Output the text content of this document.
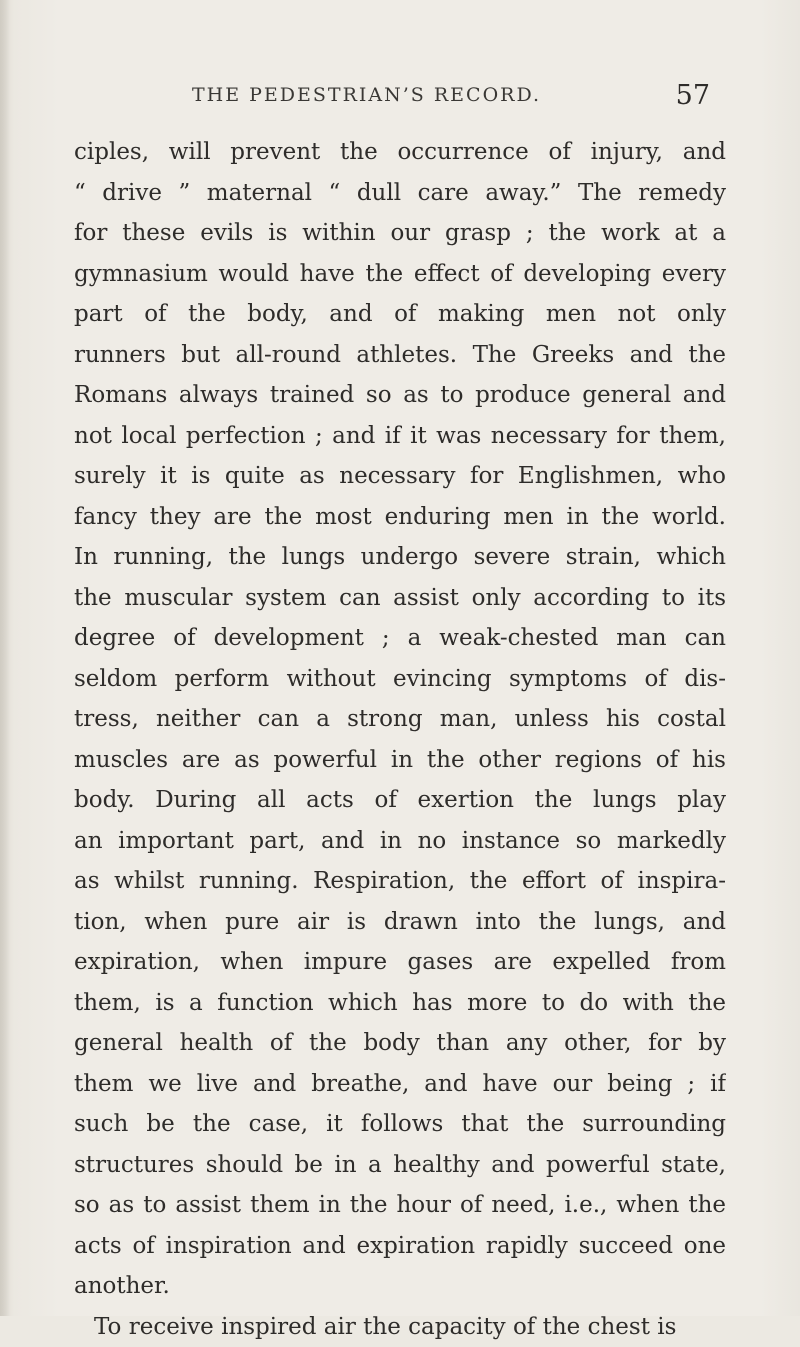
THE PEDESTRIAN’S RECORD.	57
ciples, will prevent the occurrence of injury, and
“ drive ” maternal “ dull care away.” The remedy
for these evils is within our grasp ; the work at a
gymnasium would have the effect of developing every
part of the body, and of making men not only
runners but all-round athletes. The Greeks and the
Romans always trained so as to produce general and
not local perfection ; and if it was necessary for them,
surely it is quite as necessary for Englishmen, who
fancy they are the most enduring men in the world.
In running, the lungs undergo severe strain, which
the muscular system can assist only according to its
degree of development ; a weak-chested man can
seldom perform without evincing symptoms of dis-
tress, neither can a strong man, unless his costal
muscles are as powerful in the other regions of his
body. During all acts of exertion the lungs play
an important part, and in no instance so markedly
as whilst running. Respiration, the effort of inspira-
tion, when pure air is drawn into the lungs, and
expiration, when impure gases are expelled from
them, is a function which has more to do with the
general health of the body than any other, for by
them we live and breathe, and have our being ; if
such be the case, it follows that the surrounding
structures should be in a healthy and powerful state,
so as to assist them in the hour of need, i.e., when the
acts of inspiration and expiration rapidly succeed one
another.
To receive inspired air the capacity of the chest is
